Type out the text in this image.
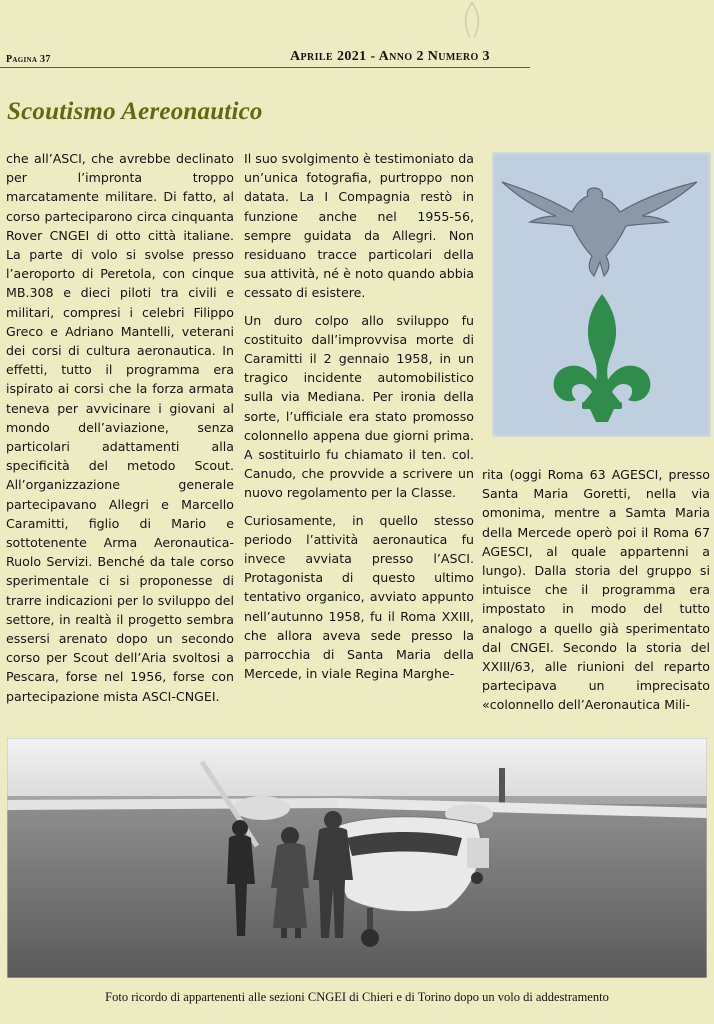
Pagina 37	Aprile 2021 - Anno 2 Numero 3
Scoutismo Aereonautico

che all’ASCI, che avrebbe declinato per l’impronta troppo marcatamente militare. Di fatto, al corso parteciparono circa cinquanta Rover CNGEI di otto città italiane. La parte di volo si svolse presso l’aeroporto di Peretola, con cinque MB.308 e dieci piloti tra civili e militari, compresi i celebri Filippo Greco e Adriano Mantelli, veterani dei corsi di cultura aeronautica. In effetti, tutto il programma era ispirato ai corsi che la forza armata teneva per avvicinare i giovani al mondo dell’aviazione, senza particolari adattamenti alla specificità del metodo Scout. All’organizzazione generale partecipavano Allegri e Marcello Caramitti, figlio di Mario e sottotenente Arma Aeronautica-Ruolo Servizi. Benché da tale corso sperimentale ci si proponesse di trarre indicazioni per lo sviluppo del settore, in realtà il progetto sembra essersi arenato dopo un secondo corso per Scout dell’Aria svoltosi a Pescara, forse nel 1956, forse con partecipazione mista ASCI-CNGEI.

Il suo svolgimento è testimoniato da un’unica fotografia, purtroppo non datata. La I Compagnia restò in funzione anche nel 1955-56, sempre guidata da Allegri. Non residuano tracce particolari della sua attività, né è noto quando abbia cessato di esistere.

Un duro colpo allo sviluppo fu costituito dall’improvvisa morte di Caramitti il 2 gennaio 1958, in un tragico incidente automobilistico sulla via Mediana. Per ironia della sorte, l’ufficiale era stato promosso colonnello appena due giorni prima. A sostituirlo fu chiamato il ten. col. Canudo, che provvide a scrivere un nuovo regolamento per la Classe.

Curiosamente, in quello stesso periodo l’attività aeronautica fu invece avviata presso l’ASCI. Protagonista di questo ultimo tentativo organico, avviato appunto nell’autunno 1958, fu il Roma XXIII, che allora aveva sede presso la parrocchia di Santa Maria della Mercede, in viale Regina Marghe-

rita (oggi Roma 63 AGESCI, presso Santa Maria Goretti, nella via omonima, mentre a Samta Maria della Mercede operò poi il Roma 67 AGESCI, al quale appartenni a lungo). Dalla storia del gruppo si intuisce che il programma era impostato in modo del tutto analogo a quello già sperimentato dal CNGEI. Secondo la storia del XXIII/63, alle riunioni del reparto partecipava un imprecisato «colonnello dell’Aeronautica Mili-

Foto ricordo di appartenenti alle sezioni CNGEI di Chieri e di Torino dopo un volo di addestramento
